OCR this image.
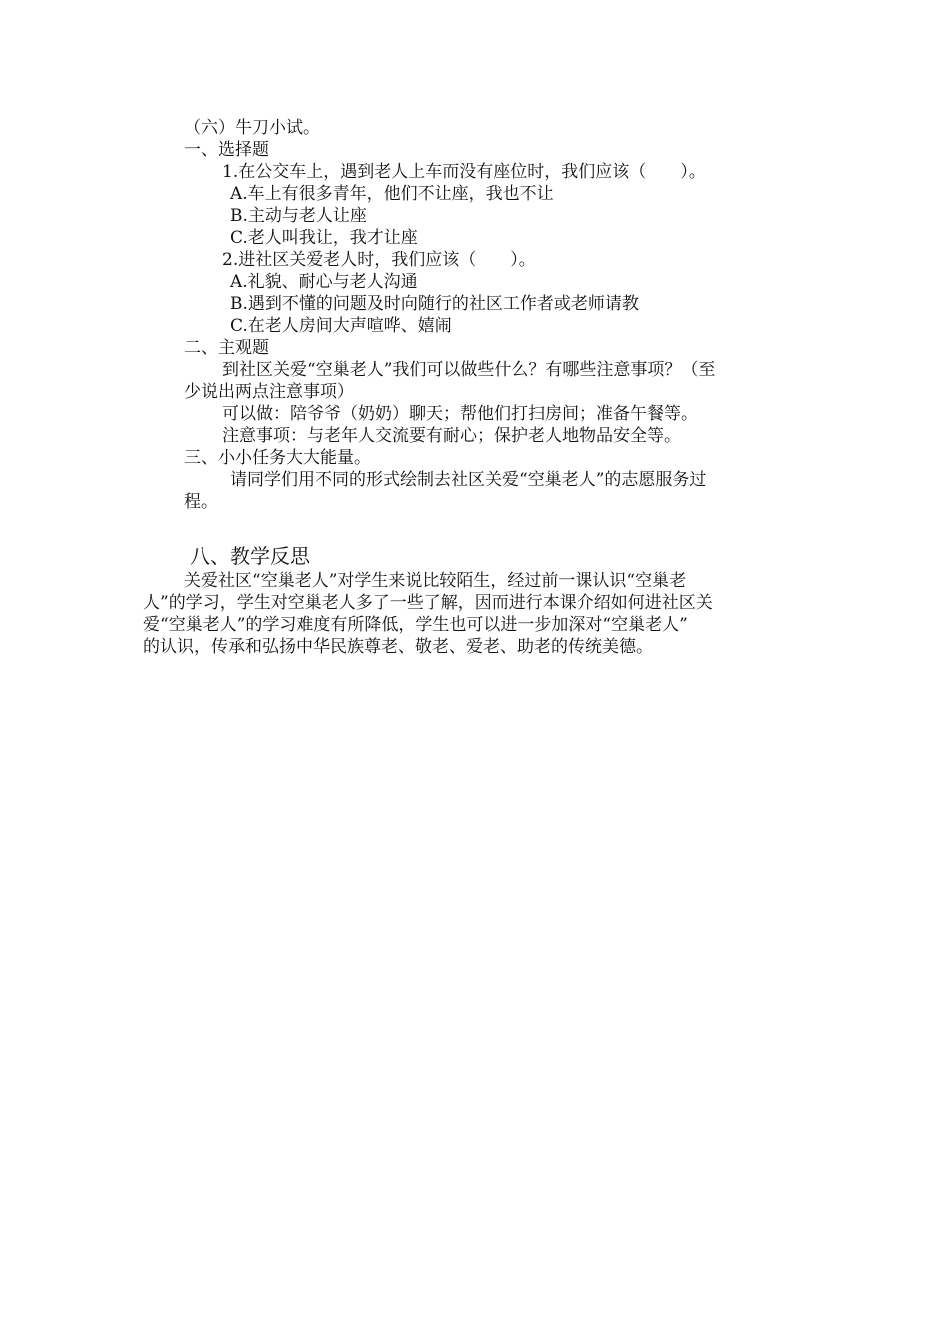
（六）牛刀小试。
一、选择题
1.在公交车上，遇到老人上车而没有座位时，我们应该（　　）。
A.车上有很多青年，他们不让座，我也不让
B.主动与老人让座
C.老人叫我让，我才让座
2.进社区关爱老人时，我们应该（　　）。
A.礼貌、耐心与老人沟通
B.遇到不懂的问题及时向随行的社区工作者或老师请教
C.在老人房间大声喧哗、嬉闹
二、主观题
到社区关爱“空巢老人”我们可以做些什么？有哪些注意事项？（至
少说出两点注意事项）
可以做：陪爷爷（奶奶）聊天；帮他们打扫房间；准备午餐等。
注意事项：与老年人交流要有耐心；保护老人地物品安全等。
三、小小任务大大能量。
请同学们用不同的形式绘制去社区关爱“空巢老人”的志愿服务过
程。
八、教学反思
关爱社区“空巢老人”对学生来说比较陌生，经过前一课认识“空巢老
人”的学习，学生对空巢老人多了一些了解，因而进行本课介绍如何进社区关
爱“空巢老人”的学习难度有所降低，学生也可以进一步加深对“空巢老人”
的认识，传承和弘扬中华民族尊老、敬老、爱老、助老的传统美德。
